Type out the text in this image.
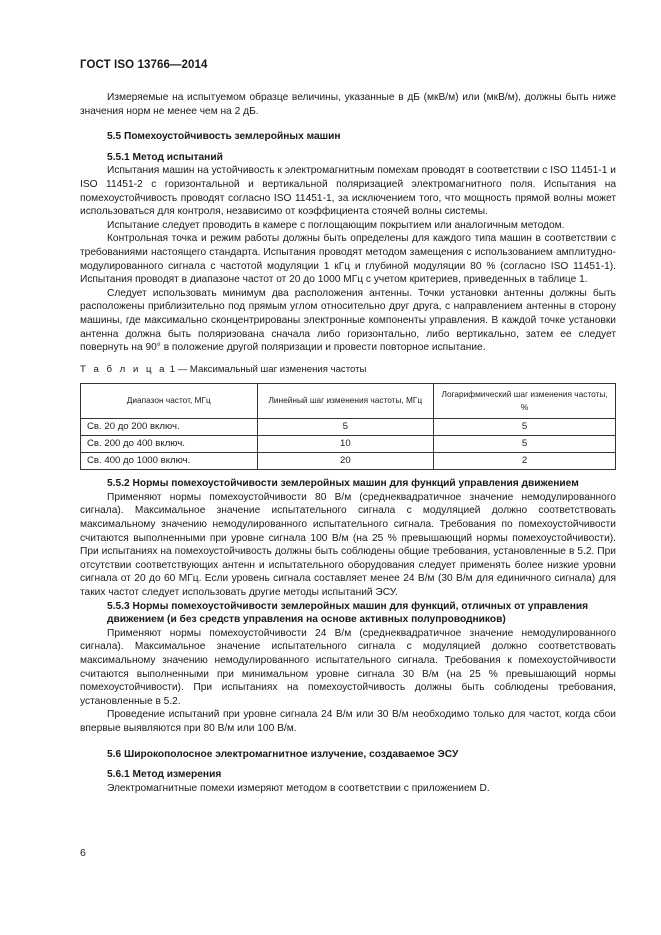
ГОСТ ISO 13766—2014

Измеряемые на испытуемом образце величины, указанные в дБ (мкВ/м) или (мкВ/м), должны быть ниже значения норм не менее чем на 2 дБ.

5.5 Помехоустойчивость землеройных машин
5.5.1 Метод испытаний

Испытания машин на устойчивость к электромагнитным помехам проводят в соответствии с ISO 11451-1 и ISO 11451-2 с горизонтальной и вертикальной поляризацией электромагнитного поля. Испытания на помехоустойчивость проводят согласно ISO 11451-1, за исключением того, что мощность прямой волны может использоваться для контроля, независимо от коэффициента стоячей волны системы.

Испытание следует проводить в камере с поглощающим покрытием или аналогичным методом.

Контрольная точка и режим работы должны быть определены для каждого типа машин в соответствии с требованиями настоящего стандарта. Испытания проводят методом замещения с использованием амплитудно-модулированного сигнала с частотой модуляции 1 кГц и глубиной модуляции 80 % (согласно ISO 11451-1). Испытания проводят в диапазоне частот от 20 до 1000 МГц с учетом критериев, приведенных в таблице 1.

Следует использовать минимум два расположения антенны. Точки установки антенны должны быть расположены приблизительно под прямым углом относительно друг друга, с направлением антенны в сторону машины, где максимально сконцентрированы электронные компоненты управления. В каждой точке установки антенна должна быть поляризована сначала либо горизонтально, либо вертикально, затем ее следует повернуть на 90° в положение другой поляризации и провести повторное испытание.

Т а б л и ц а 1 — Максимальный шаг изменения частоты
Диапазон частот, МГц	Линейный шаг изменения частоты, МГц	Логарифмический шаг изменения частоты, %
Св. 20 до 200 включ.	5	5
Св. 200 до 400 включ.	10	5
Св. 400 до 1000 включ.	20	2
5.5.2 Нормы помехоустойчивости землеройных машин для функций управления движением

Применяют нормы помехоустойчивости 80 В/м (среднеквадратичное значение немодулированного сигнала). Максимальное значение испытательного сигнала с модуляцией должно соответствовать максимальному значению немодулированного испытательного сигнала. Требования по помехоустойчивости считаются выполненными при уровне сигнала 100 В/м (на 25 % превышающий нормы помехоустойчивости). При испытаниях на помехоустойчивость должны быть соблюдены общие требования, установленные в 5.2. При отсутствии соответствующих антенн и испытательного оборудования следует применять более низкие уровни сигнала от 20 до 60 МГц. Если уровень сигнала составляет менее 24 В/м (30 В/м для единичного сигнала) для таких частот следует использовать другие методы испытаний ЭСУ.

5.5.3 Нормы помехоустойчивости землеройных машин для функций, отличных от управления движением (и без средств управления на основе активных полупроводников)

Применяют нормы помехоустойчивости 24 В/м (среднеквадратичное значение немодулированного сигнала). Максимальное значение испытательного сигнала с модуляцией должно соответствовать максимальному значению немодулированного испытательного сигнала. Требования к помехоустойчивости считаются выполненными при минимальном уровне сигнала 30 В/м (на 25 % превышающий нормы помехоустойчивости). При испытаниях на помехоустойчивость должны быть соблюдены требования, установленные в 5.2.

Проведение испытаний при уровне сигнала 24 В/м или 30 В/м необходимо только для частот, когда сбои впервые выявляются при 80 В/м или 100 В/м.

5.6 Широкополосное электромагнитное излучение, создаваемое ЭСУ
5.6.1 Метод измерения

Электромагнитные помехи измеряют методом в соответствии с приложением D.

6
